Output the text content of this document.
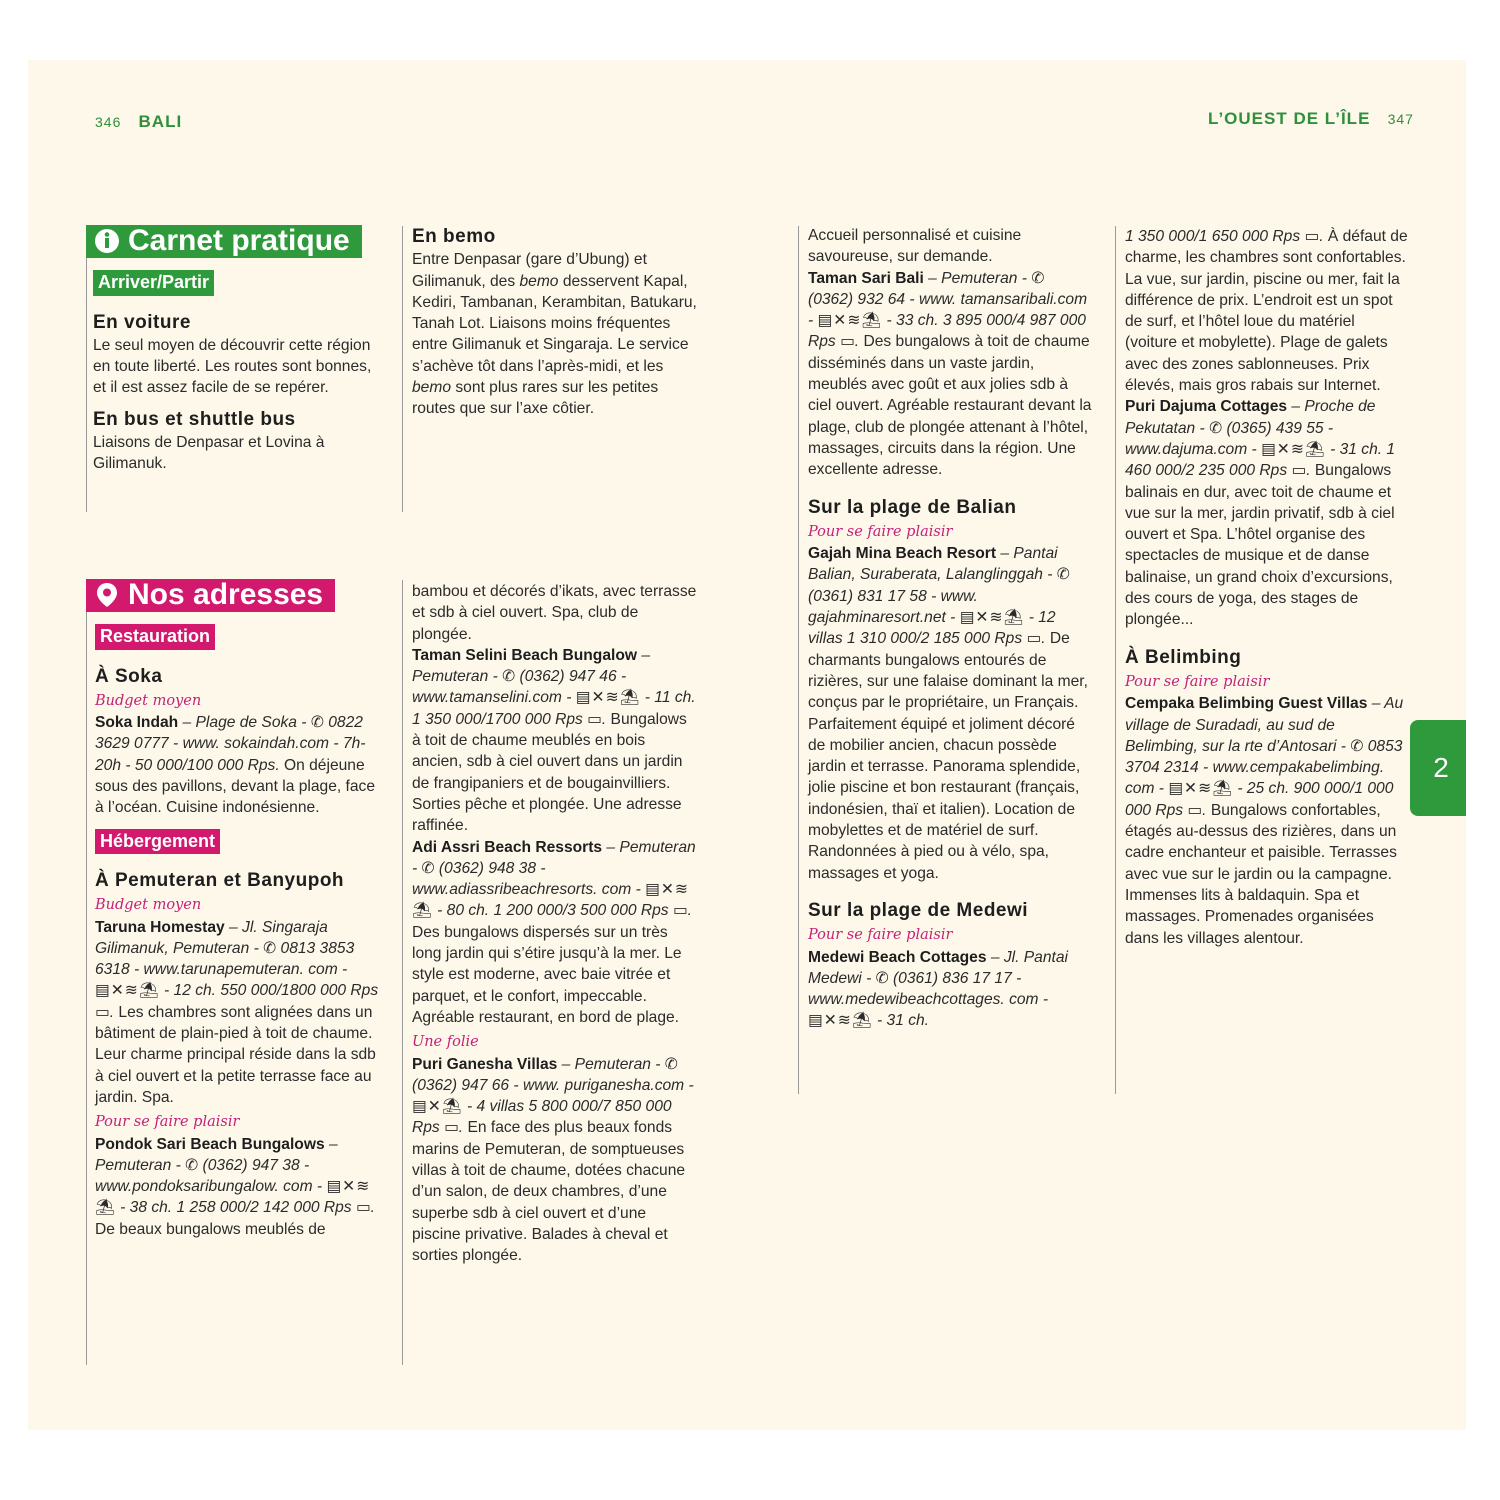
346 BALI	L’OUEST DE L’ÎLE 347
Carnet pratique
Arriver/Partir
En voiture

Le seul moyen de découvrir cette région en toute liberté. Les routes sont bonnes, et il est assez facile de se repérer.

En bus et shuttle bus

Liaisons de Denpasar et Lovina à Gilimanuk.

En bemo

Entre Denpasar (gare d’Ubung) et Gilimanuk, des bemo desservent Kapal, Kediri, Tambanan, Kerambitan, Batukaru, Tanah Lot. Liaisons moins fréquentes entre Gilimanuk et Singaraja. Le service s’achève tôt dans l’après-midi, et les bemo sont plus rares sur les petites routes que sur l’axe côtier.

Nos adresses
Restauration
À Soka
Budget moyen

Soka Indah – Plage de Soka - ✆ 0822 3629 0777 - www. sokaindah.com - 7h-20h - 50 000/100 000 Rps. On déjeune sous des pavillons, devant la plage, face à l’océan. Cuisine indonésienne.

Hébergement
À Pemuteran et Banyupoh
Budget moyen

Taruna Homestay – Jl. Singaraja Gilimanuk, Pemuteran - ✆ 0813 3853 6318 - www.tarunapemuteran. com - ▤✕≋⛱ - 12 ch. 550 000/1800 000 Rps ▭. Les chambres sont alignées dans un bâtiment de plain-pied à toit de chaume. Leur charme principal réside dans la sdb à ciel ouvert et la petite terrasse face au jardin. Spa.

Pour se faire plaisir

Pondok Sari Beach Bungalows – Pemuteran - ✆ (0362) 947 38 - www.pondoksaribungalow. com - ▤✕≋⛱ - 38 ch. 1 258 000/2 142 000 Rps ▭. De beaux bungalows meublés de

bambou et décorés d’ikats, avec terrasse et sdb à ciel ouvert. Spa, club de plongée.

Taman Selini Beach Bungalow – Pemuteran - ✆ (0362) 947 46 - www.tamanselini.com - ▤✕≋⛱ - 11 ch. 1 350 000/1700 000 Rps ▭. Bungalows à toit de chaume meublés en bois ancien, sdb à ciel ouvert dans un jardin de frangipaniers et de bougainvilliers. Sorties pêche et plongée. Une adresse raffinée.

Adi Assri Beach Ressorts – Pemuteran - ✆ (0362) 948 38 - www.adiassribeachresorts. com - ▤✕≋⛱ - 80 ch. 1 200 000/3 500 000 Rps ▭. Des bungalows dispersés sur un très long jardin qui s’étire jusqu’à la mer. Le style est moderne, avec baie vitrée et parquet, et le confort, impeccable. Agréable restaurant, en bord de plage.

Une folie

Puri Ganesha Villas – Pemuteran - ✆ (0362) 947 66 - www. puriganesha.com - ▤✕⛱ - 4 villas 5 800 000/7 850 000 Rps ▭. En face des plus beaux fonds marins de Pemuteran, de somptueuses villas à toit de chaume, dotées chacune d’un salon, de deux chambres, d’une superbe sdb à ciel ouvert et d’une piscine privative. Balades à cheval et sorties plongée.

Accueil personnalisé et cuisine savoureuse, sur demande.

Taman Sari Bali – Pemuteran - ✆ (0362) 932 64 - www. tamansaribali.com - ▤✕≋⛱ - 33 ch. 3 895 000/4 987 000 Rps ▭. Des bungalows à toit de chaume disséminés dans un vaste jardin, meublés avec goût et aux jolies sdb à ciel ouvert. Agréable restaurant devant la plage, club de plongée attenant à l’hôtel, massages, circuits dans la région. Une excellente adresse.

Sur la plage de Balian
Pour se faire plaisir

Gajah Mina Beach Resort – Pantai Balian, Suraberata, Lalanglinggah - ✆ (0361) 831 17 58 - www. gajahminaresort.net - ▤✕≋⛱ - 12 villas 1 310 000/2 185 000 Rps ▭. De charmants bungalows entourés de rizières, sur une falaise dominant la mer, conçus par le propriétaire, un Français. Parfaitement équipé et joliment décoré de mobilier ancien, chacun possède jardin et terrasse. Panorama splendide, jolie piscine et bon restaurant (français, indonésien, thaï et italien). Location de mobylettes et de matériel de surf. Randonnées à pied ou à vélo, spa, massages et yoga.

Sur la plage de Medewi
Pour se faire plaisir

Medewi Beach Cottages – Jl. Pantai Medewi - ✆ (0361) 836 17 17 - www.medewibeachcottages. com - ▤✕≋⛱ - 31 ch.

1 350 000/1 650 000 Rps ▭. À défaut de charme, les chambres sont confortables. La vue, sur jardin, piscine ou mer, fait la différence de prix. L’endroit est un spot de surf, et l’hôtel loue du matériel (voiture et mobylette). Plage de galets avec des zones sablonneuses. Prix élevés, mais gros rabais sur Internet.

Puri Dajuma Cottages – Proche de Pekutatan - ✆ (0365) 439 55 - www.dajuma.com - ▤✕≋⛱ - 31 ch. 1 460 000/2 235 000 Rps ▭. Bungalows balinais en dur, avec toit de chaume et vue sur la mer, jardin privatif, sdb à ciel ouvert et Spa. L’hôtel organise des spectacles de musique et de danse balinaise, un grand choix d’excursions, des cours de yoga, des stages de plongée...

À Belimbing
Pour se faire plaisir

Cempaka Belimbing Guest Villas – Au village de Suradadi, au sud de Belimbing, sur la rte d’Antosari - ✆ 0853 3704 2314 - www.cempakabelimbing. com - ▤✕≋⛱ - 25 ch. 900 000/1 000 000 Rps ▭. Bungalows confortables, étagés au-dessus des rizières, dans un cadre enchanteur et paisible. Terrasses avec vue sur le jardin ou la campagne. Immenses lits à baldaquin. Spa et massages. Promenades organisées dans les villages alentour.

2
